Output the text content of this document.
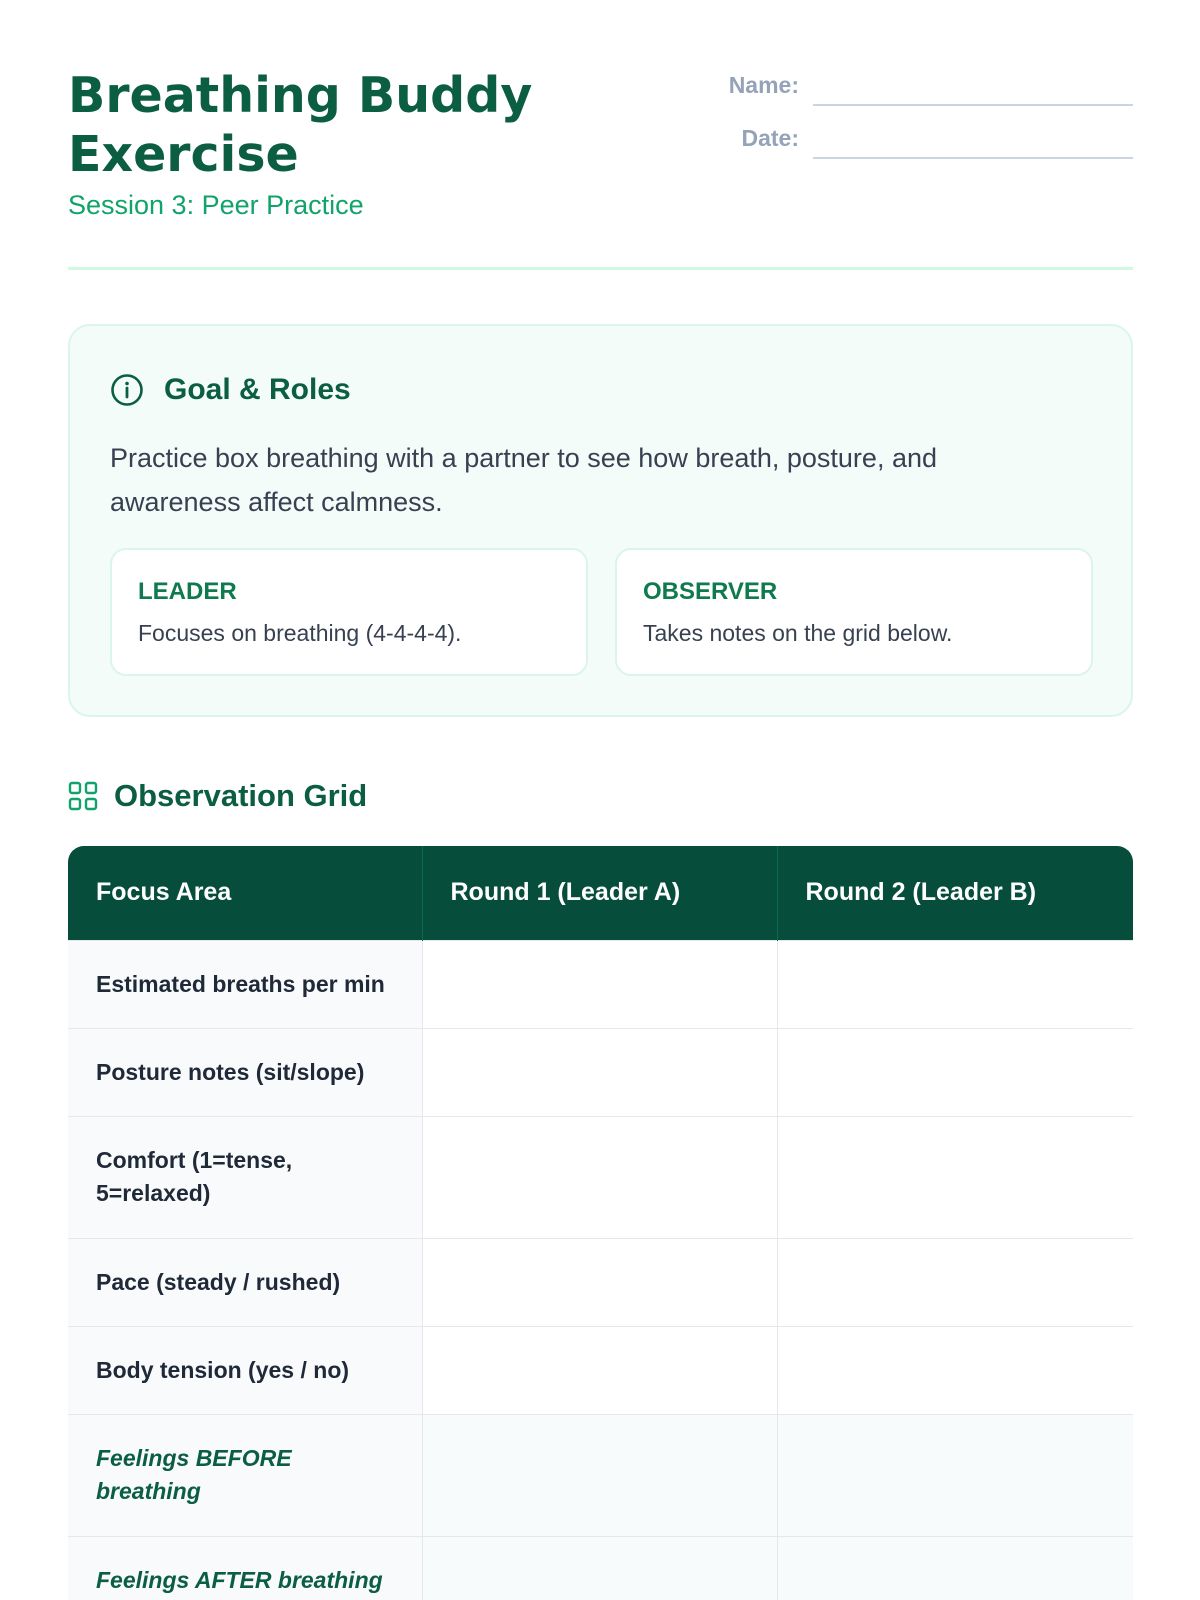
Breathing Buddy Exercise
Session 3: Peer Practice
Name:
Date:
Goal & Roles

Practice box breathing with a partner to see how breath, posture, and awareness affect calmness.

LEADER
Focuses on breathing (4-4-4-4).
OBSERVER
Takes notes on the grid below.
Observation Grid
Focus Area	Round 1 (Leader A)	Round 2 (Leader B)
Estimated breaths per min		
Posture notes (sit/slope)		
Comfort (1=tense, 5=relaxed)		
Pace (steady / rushed)		
Body tension (yes / no)		
Feelings BEFORE breathing		
Feelings AFTER breathing		
